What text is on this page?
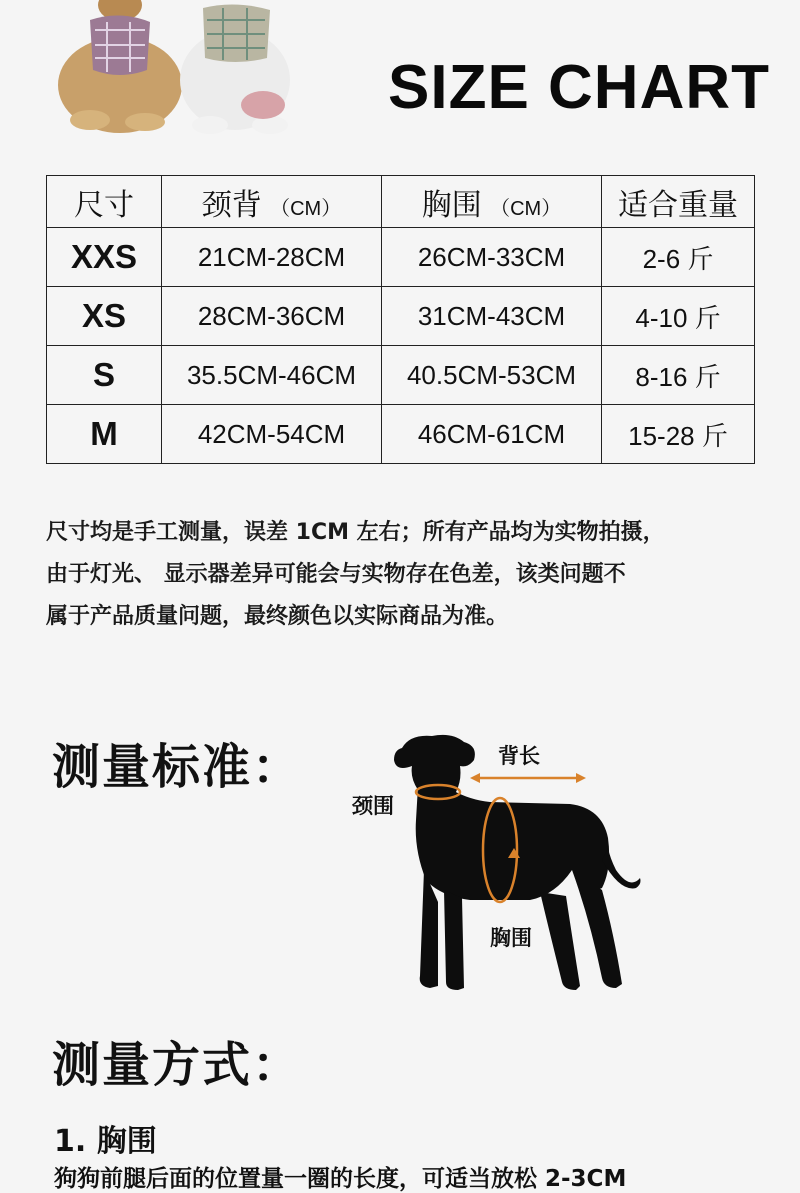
SIZE CHART
尺寸	颈背 （CM）	胸围 （CM）	适合重量
XXS	21CM-28CM	26CM-33CM	2-6 斤
XS	28CM-36CM	31CM-43CM	4-10 斤
S	35.5CM-46CM	40.5CM-53CM	8-16 斤
M	42CM-54CM	46CM-61CM	15-28 斤
尺寸均是手工测量，误差 1CM 左右；所有产品均为实物拍摄，
由于灯光、 显示器差异可能会与实物存在色差，该类问题不
属于产品质量问题，最终颜色以实际商品为准。
测量标准：	背长
颈围
胸围
测量方式：
1. 胸围
狗狗前腿后面的位置量一圈的长度，可适当放松 2-3CM
